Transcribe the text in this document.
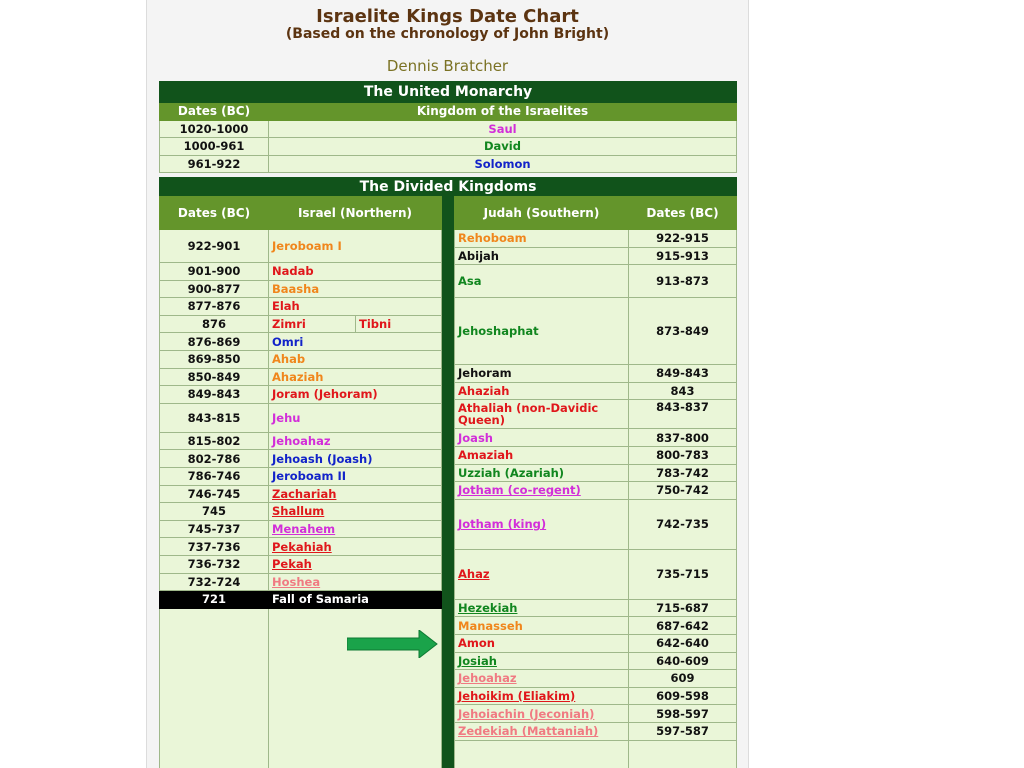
Israelite Kings Date Chart
(Based on the chronology of John Bright)
Dennis Bratcher
The United Monarchy	
Dates (BC)	Kingdom of the Israelites
1020-1000	Saul
1000-961	David
961-922	Solomon
The Divided Kingdoms
Dates (BC)	Israel (Northern)	
922-901	Jeroboam I	
901-900	Nadab	
900-877	Baasha	
877-876	Elah	
876	Zimri	Tibni
876-869	Omri	
869-850	Ahab	
850-849	Ahaziah	
849-843	Joram (Jehoram)	
843-815	Jehu	
815-802	Jehoahaz	
802-786	Jehoash (Joash)	
786-746	Jeroboam II	
746-745	Zachariah	
745	Shallum	
745-737	Menahem	
737-736	Pekahiah	
736-732	Pekah	
732-724	Hoshea	
721	Fall of Samaria	

Judah (Southern)	Dates (BC)
Rehoboam	922-915
Abijah	915-913
Asa	913-873
Jehoshaphat	873-849
Jehoram	849-843
Ahaziah	843
Athaliah (non-Davidic Queen)	843-837
Joash	837-800
Amaziah	800-783
Uzziah (Azariah)	783-742
Jotham (co-regent)	750-742
Jotham (king)	742-735
Ahaz	735-715
Hezekiah	715-687
Manasseh	687-642
Amon	642-640
Josiah	640-609
Jehoahaz	609
Jehoikim (Eliakim)	609-598
Jehoiachin (Jeconiah)	598-597
Zedekiah (Mattaniah)	597-587
